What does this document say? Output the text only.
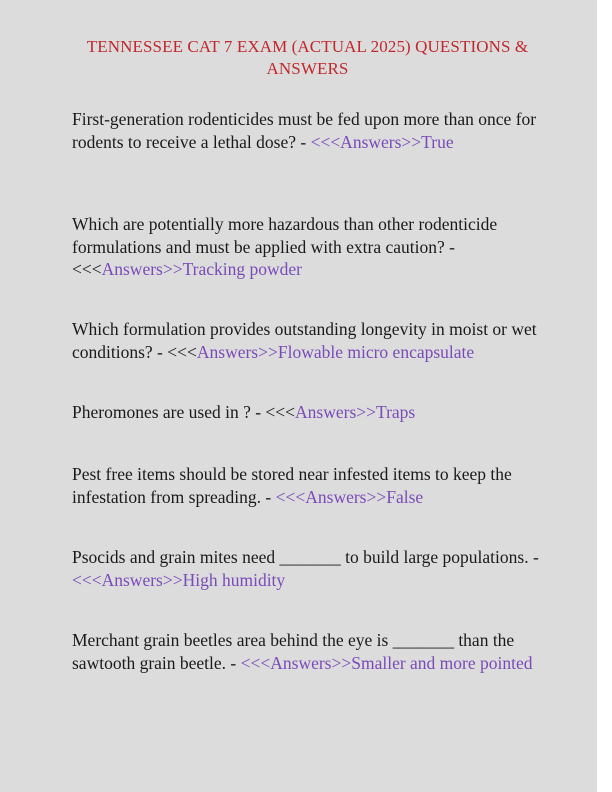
TENNESSEE CAT 7 EXAM (ACTUAL 2025) QUESTIONS &
ANSWERS
First-generation rodenticides must be fed upon more than once for rodents to receive a lethal dose? - <<<Answers>>True
Which are potentially more hazardous than other rodenticide formulations and must be applied with extra caution? - <<<Answers>>Tracking powder
Which formulation provides outstanding longevity in moist or wet conditions? - <<<Answers>>Flowable micro encapsulate
Pheromones are used in ? - <<<Answers>>Traps
Pest free items should be stored near infested items to keep the infestation from spreading. - <<<Answers>>False
Psocids and grain mites need _______ to build large populations. - <<<Answers>>High humidity
Merchant grain beetles area behind the eye is _______ than the sawtooth grain beetle. - <<<Answers>>Smaller and more pointed
